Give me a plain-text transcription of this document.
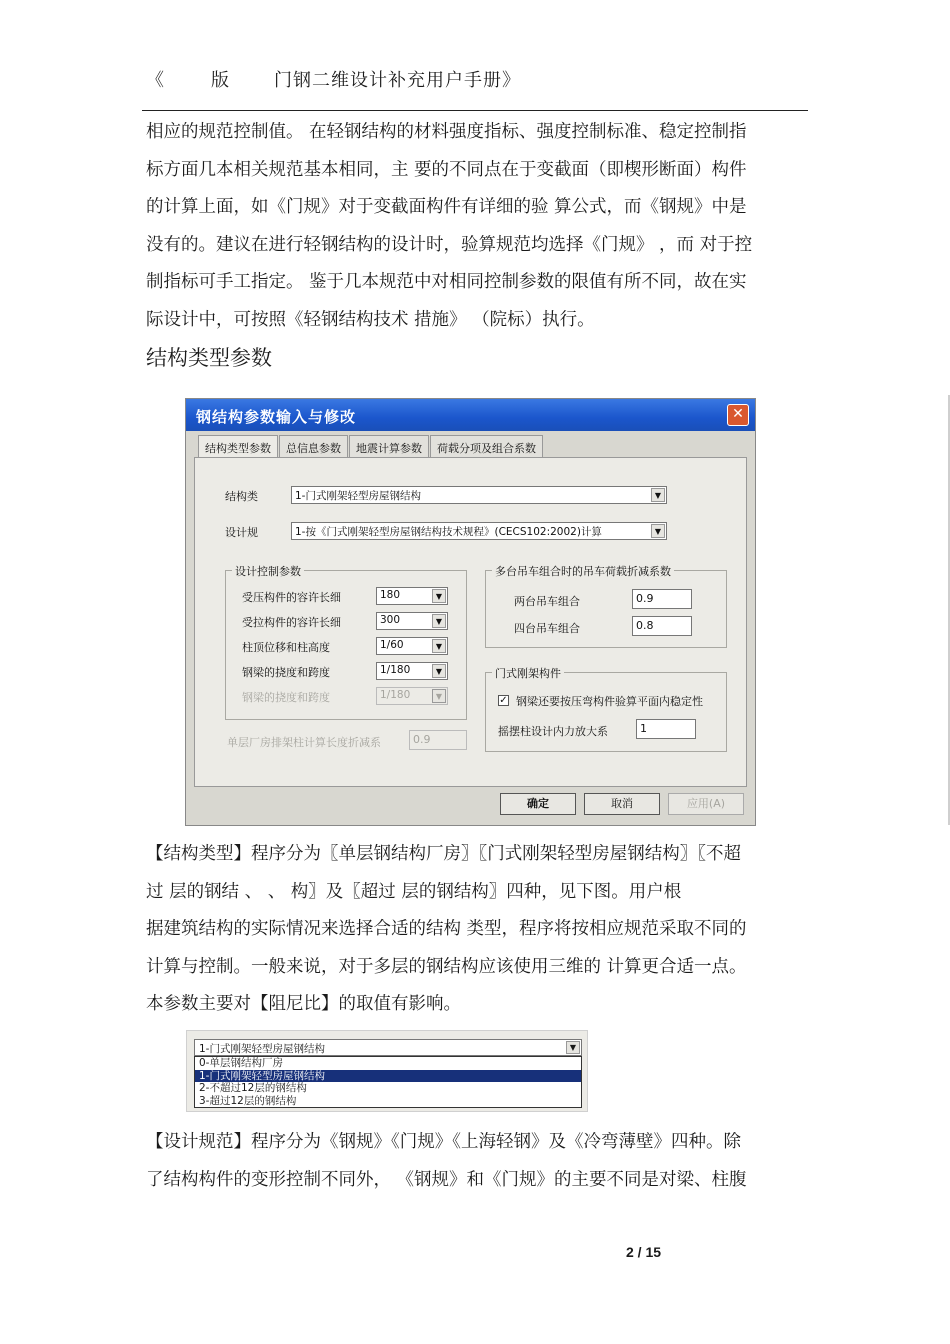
《	版 门钢二维设计补充用户手册》
相应的规范控制值。 在轻钢结构的材料强度指标、强度控制标准、稳定控制指
标方面几本相关规范基本相同，主 要的不同点在于变截面（即楔形断面）构件
的计算上面，如《门规》对于变截面构件有详细的验 算公式，而《钢规》中是
没有的。建议在进行轻钢结构的设计时，验算规范均选择《门规》 ，而 对于控
制指标可手工指定。 鉴于几本规范中对相同控制参数的限值有所不同，故在实
际设计中，可按照《轻钢结构技术 措施》 （院标）执行。
结构类型参数
钢结构参数输入与修改	✕
结构类型参数	总信息参数	地震计算参数	荷载分项及组合系数
结构类	1-门式刚架轻型房屋钢结构	▼
设计规	1-按《门式刚架轻型房屋钢结构技术规程》(CECS102:2002)计算	▼
设计控制参数
受压构件的容许长细	180	▼
受拉构件的容许长细	300	▼
柱顶位移和柱高度	1/60	▼
钢梁的挠度和跨度	1/180	▼
钢梁的挠度和跨度	1/180	▼
单层厂房排架柱计算长度折减系	0.9
多台吊车组合时的吊车荷载折减系数
两台吊车组合	0.9
四台吊车组合	0.8
门式刚架构件
✓ 钢梁还要按压弯构件验算平面内稳定性
摇摆柱设计内力放大系	1
确定	取消	应用(A)
【结构类型】程序分为〖单层钢结构厂房〗〖门式刚架轻型房屋钢结构〗〖不超
过 层的钢结 、 、 构〗及〖超过 层的钢结构〗四种，见下图。用户根
据建筑结构的实际情况来选择合适的结构 类型，程序将按相应规范采取不同的
计算与控制。一般来说，对于多层的钢结构应该使用三维的 计算更合适一点。
本参数主要对【阻尼比】的取值有影响。
1-门式刚架轻型房屋钢结构	▼
0-单层钢结构厂房
1-门式刚架轻型房屋钢结构
2-不超过12层的钢结构
3-超过12层的钢结构
【设计规范】程序分为《钢规》《门规》《上海轻钢》及《冷弯薄壁》四种。除
了结构构件的变形控制不同外， 《钢规》和《门规》的主要不同是对梁、柱腹
2 / 15
